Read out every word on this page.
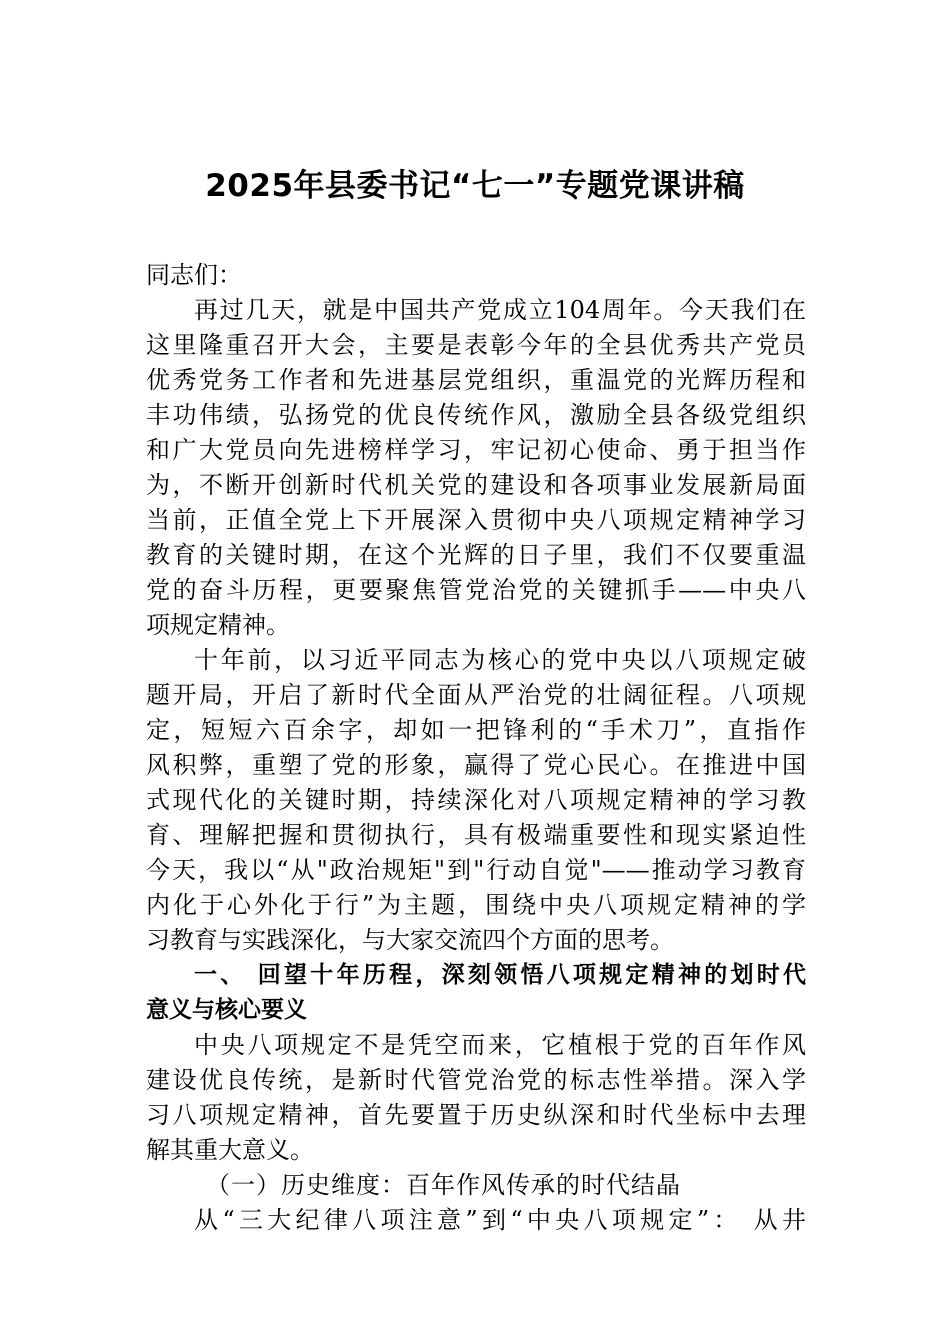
2025年县委书记“七一”专题党课讲稿
同志们：
再过几天，就是中国共产党成立104周年。今天我们在
这里隆重召开大会，主要是表彰今年的全县优秀共产党员
优秀党务工作者和先进基层党组织，重温党的光辉历程和
丰功伟绩，弘扬党的优良传统作风，激励全县各级党组织
和广大党员向先进榜样学习，牢记初心使命、勇于担当作
为，不断开创新时代机关党的建设和各项事业发展新局面
当前，正值全党上下开展深入贯彻中央八项规定精神学习
教育的关键时期，在这个光辉的日子里，我们不仅要重温
党的奋斗历程，更要聚焦管党治党的关键抓手——中央八
项规定精神。
十年前，以习近平同志为核心的党中央以八项规定破
题开局，开启了新时代全面从严治党的壮阔征程。八项规
定，短短六百余字，却如一把锋利的“手术刀”，直指作
风积弊，重塑了党的形象，赢得了党心民心。在推进中国
式现代化的关键时期，持续深化对八项规定精神的学习教
育、理解把握和贯彻执行，具有极端重要性和现实紧迫性
今天，我以“从"政治规矩"到"行动自觉"——推动学习教育
内化于心外化于行”为主题，围绕中央八项规定精神的学
习教育与实践深化，与大家交流四个方面的思考。
一、 回望十年历程，深刻领悟八项规定精神的划时代
意义与核心要义
中央八项规定不是凭空而来，它植根于党的百年作风
建设优良传统，是新时代管党治党的标志性举措。深入学
习八项规定精神，首先要置于历史纵深和时代坐标中去理
解其重大意义。
（一）历史维度：百年作风传承的时代结晶
从“三大纪律八项注意”到“中央八项规定”： 从井
